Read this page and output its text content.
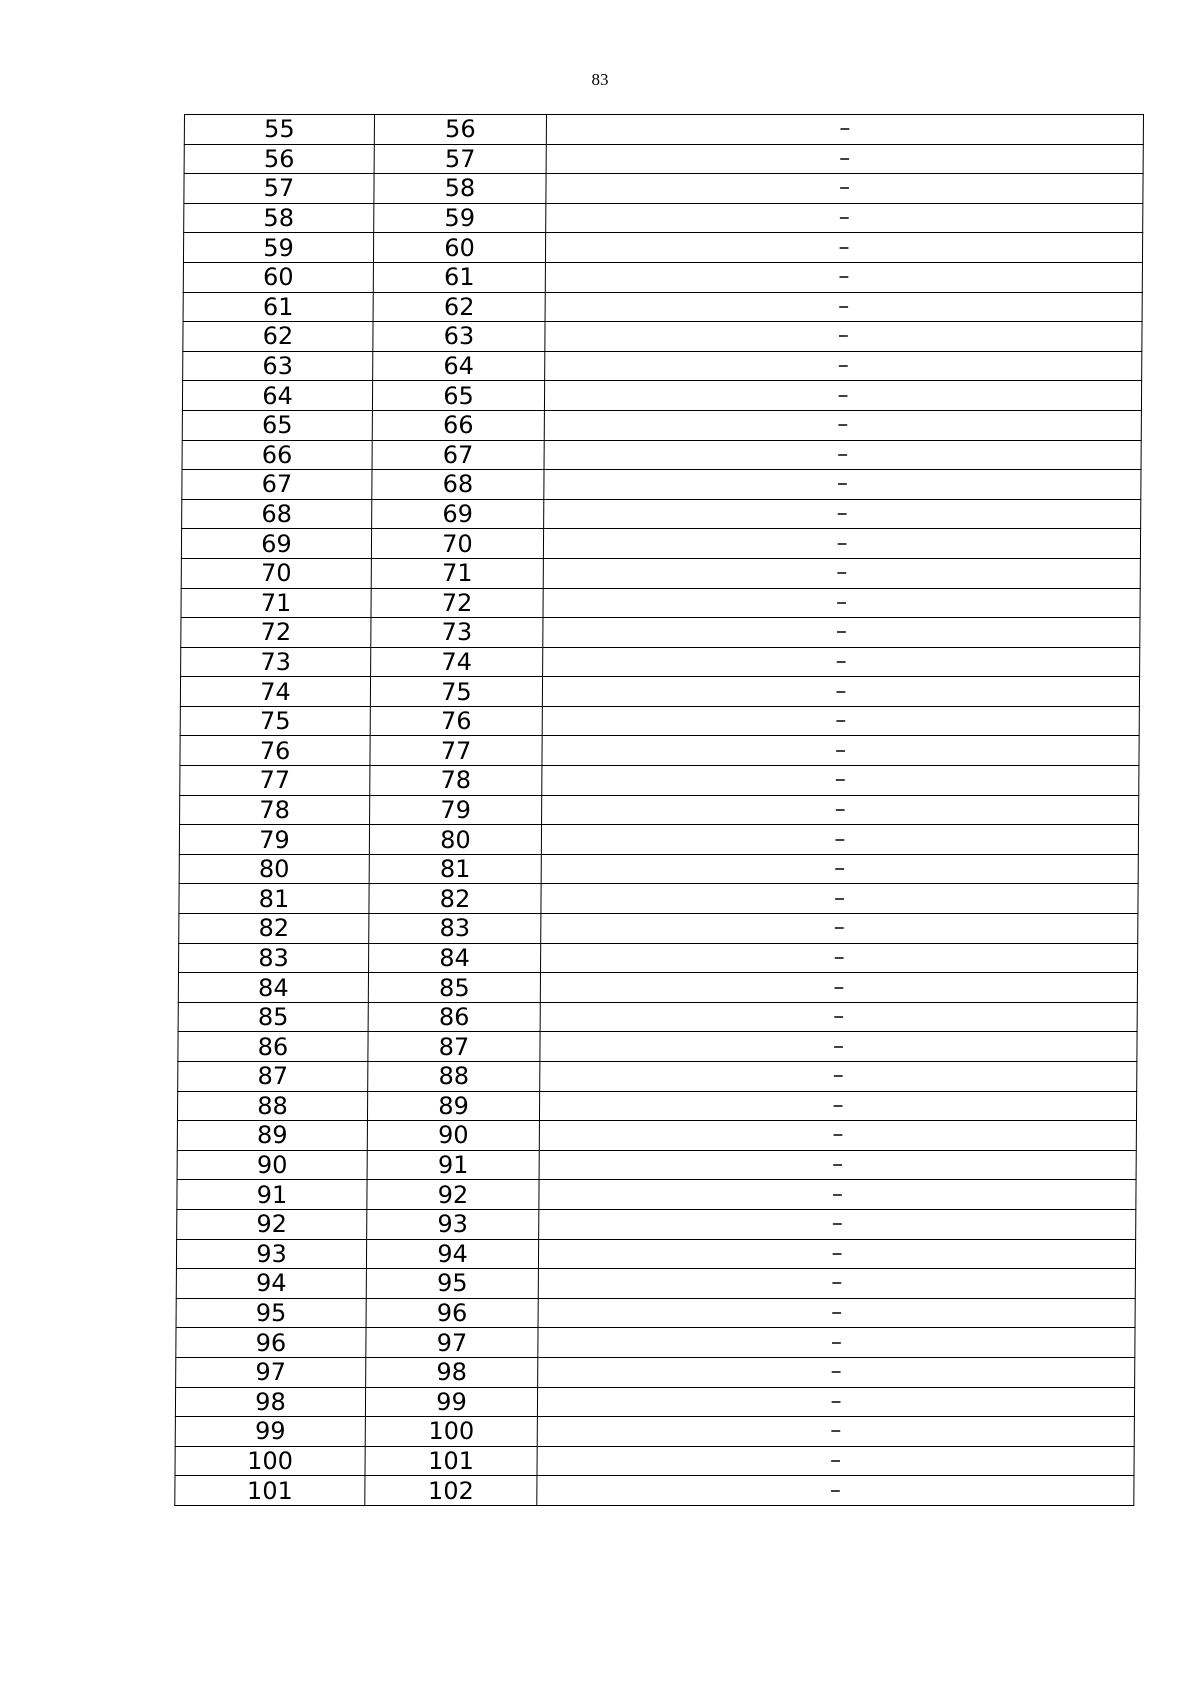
83
55	56	–
56	57	–
57	58	–
58	59	–
59	60	–
60	61	–
61	62	–
62	63	–
63	64	–
64	65	–
65	66	–
66	67	–
67	68	–
68	69	–
69	70	–
70	71	–
71	72	–
72	73	–
73	74	–
74	75	–
75	76	–
76	77	–
77	78	–
78	79	–
79	80	–
80	81	–
81	82	–
82	83	–
83	84	–
84	85	–
85	86	–
86	87	–
87	88	–
88	89	–
89	90	–
90	91	–
91	92	–
92	93	–
93	94	–
94	95	–
95	96	–
96	97	–
97	98	–
98	99	–
99	100	–
100	101	–
101	102	–
